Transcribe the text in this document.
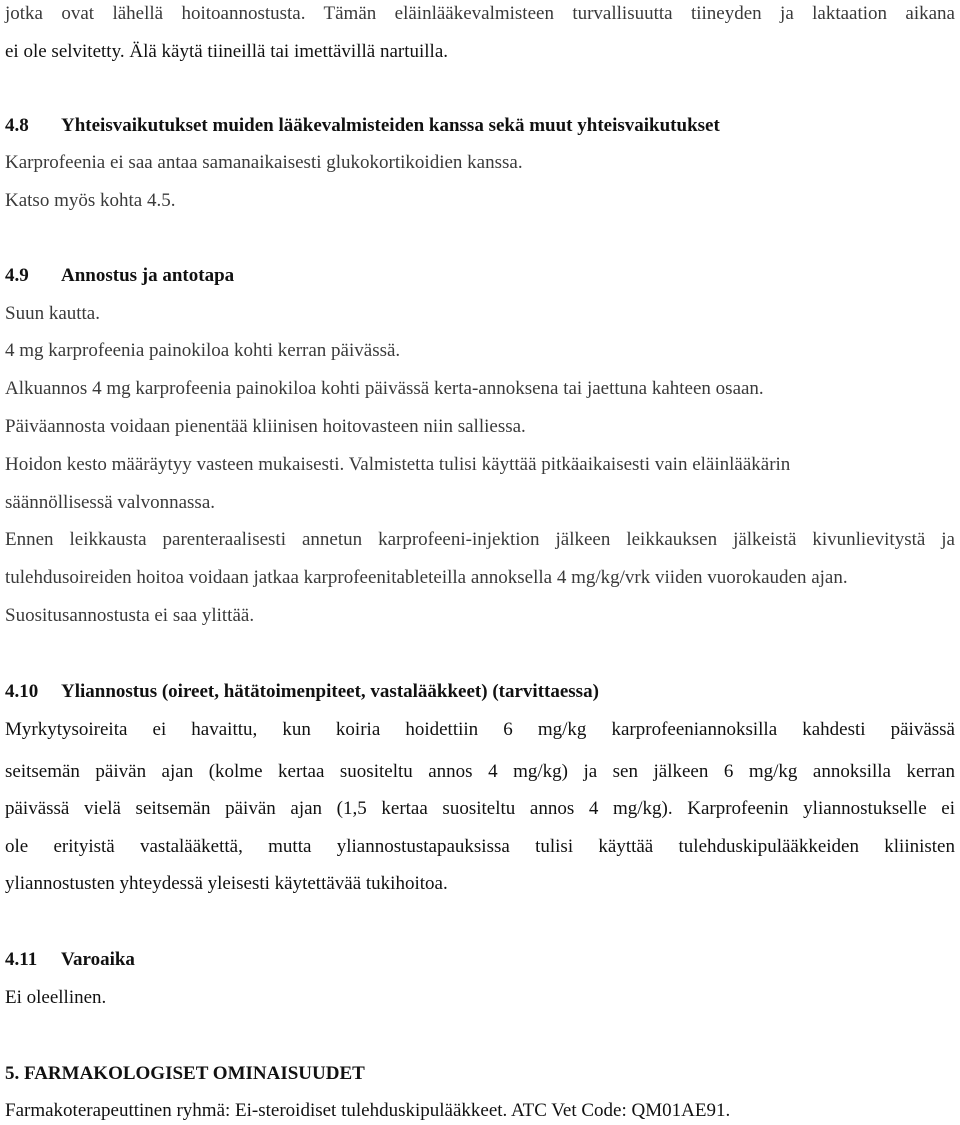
jotka ovat lähellä hoitoannostusta. Tämän eläinlääkevalmisteen turvallisuutta tiineyden ja laktaation aikana
ei ole selvitetty. Älä käytä tiineillä tai imettävillä nartuilla.
4.8 Yhteisvaikutukset muiden lääkevalmisteiden kanssa sekä muut yhteisvaikutukset
Karprofeenia ei saa antaa samanaikaisesti glukokortikoidien kanssa.
Katso myös kohta 4.5.
4.9 Annostus ja antotapa
Suun kautta.
4 mg karprofeenia painokiloa kohti kerran päivässä.
Alkuannos 4 mg karprofeenia painokiloa kohti päivässä kerta-annoksena tai jaettuna kahteen osaan.
Päiväannosta voidaan pienentää kliinisen hoitovasteen niin salliessa.
Hoidon kesto määräytyy vasteen mukaisesti. Valmistetta tulisi käyttää pitkäaikaisesti vain eläinlääkärin
säännöllisessä valvonnassa.
Ennen leikkausta parenteraalisesti annetun karprofeeni-injektion jälkeen leikkauksen jälkeistä kivunlievitystä ja
tulehdusoireiden hoitoa voidaan jatkaa karprofeenitableteilla annoksella 4 mg/kg/vrk viiden vuorokauden ajan.
Suositusannostusta ei saa ylittää.
4.10 Yliannostus (oireet, hätätoimenpiteet, vastalääkkeet) (tarvittaessa)
Myrkytysoireita ei havaittu, kun koiria hoidettiin 6 mg/kg karprofeeniannoksilla kahdesti päivässä
seitsemän päivän ajan (kolme kertaa suositeltu annos 4 mg/kg) ja sen jälkeen 6 mg/kg annoksilla kerran
päivässä vielä seitsemän päivän ajan (1,5 kertaa suositeltu annos 4 mg/kg). Karprofeenin yliannostukselle ei
ole erityistä vastalääkettä, mutta yliannostustapauksissa tulisi käyttää tulehduskipulääkkeiden kliinisten
yliannostusten yhteydessä yleisesti käytettävää tukihoitoa.
4.11 Varoaika
Ei oleellinen.
5. FARMAKOLOGISET OMINAISUUDET
Farmakoterapeuttinen ryhmä: Ei-steroidiset tulehduskipulääkkeet. ATC Vet Code: QM01AE91.
